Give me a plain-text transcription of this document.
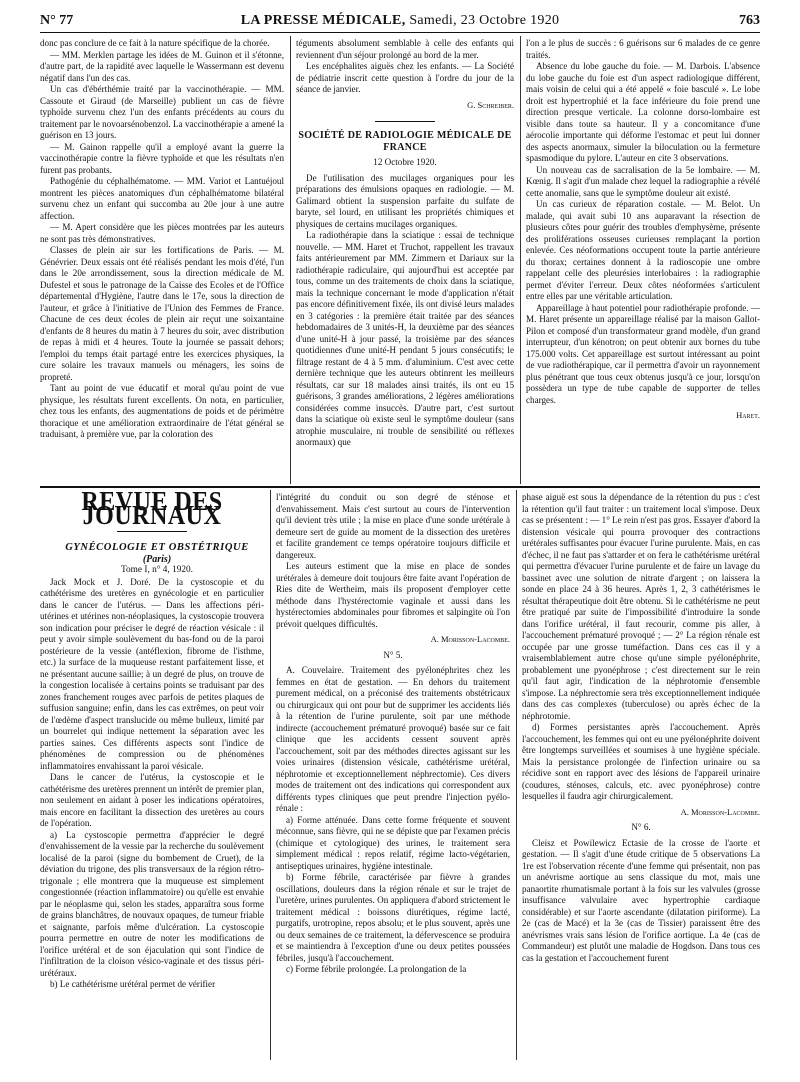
N° 77	LA PRESSE MÉDICALE, Samedi, 23 Octobre 1920	763

donc pas conclure de ce fait à la nature spécifique de la chorée.

— MM. Merklen partage les idées de M. Guinon et il s'étonne, d'autre part, de la rapidité avec laquelle le Wassermann est devenu négatif dans l'un des cas.

Un cas d'ébérthémie traité par la vaccinothérapie. — MM. Cassoute et Giraud (de Marseille) publient un cas de fièvre typhoïde survenu chez l'un des enfants précédents au cours du traitement par le novoarsénobenzol. La vaccinothérapie a amené la guérison en 13 jours.

— M. Gainon rappelle qu'il a employé avant la guerre la vaccinothérapie contre la fièvre typhoïde et que les résultats n'en furent pas probants.

Pathogénie du céphalhématome. — MM. Variot et Lantuéjoul montrent les pièces anatomiques d'un céphalhématome bilatéral survenu chez un enfant qui succomba au 20e jour à une autre affection.

— M. Apert considère que les pièces montrées par les auteurs ne sont pas très démonstratives.

Classes de plein air sur les fortifications de Paris. — M. Génévrier. Deux essais ont été réalisés pendant les mois d'été, l'un dans le 20e arrondissement, sous la direction médicale de M. Dufestel et sous le patronage de la Caisse des Ecoles et de l'Office départemental d'Hygiène, l'autre dans le 17e, sous la direction de l'auteur, et grâce à l'initiative de l'Union des Femmes de France. Chacune de ces deux écoles de plein air reçut une soixantaine d'enfants de 8 heures du matin à 7 heures du soir, avec distribution de repas à midi et 4 heures. Toute la journée se passait dehors; l'emploi du temps était partagé entre les exercices physiques, la cure solaire les travaux manuels ou ménagers, les soins de propreté.

Tant au point de vue éducatif et moral qu'au point de vue physique, les résultats furent excellents. On nota, en particulier, chez tous les enfants, des augmentations de poids et de périmètre thoracique et une amélioration extraordinaire de l'état général se traduisant, à première vue, par la coloration des

téguments absolument semblable à celle des enfants qui reviennent d'un séjour prolongé au bord de la mer.

Les encéphalites aiguës chez les enfants. — La Société de pédiatrie inscrit cette question à l'ordre du jour de la séance de janvier.

G. Schreiber.

SOCIÉTÉ DE RADIOLOGIE MÉDICALE DE FRANCE

12 Octobre 1920.

De l'utilisation des mucilages organiques pour les préparations des émulsions opaques en radiologie. — M. Galimard obtient la suspension parfaite du sulfate de baryte, sel lourd, en utilisant les propriétés chimiques et physiques de certains mucilages organiques.

La radiothérapie dans la sciatique : essai de technique nouvelle. — MM. Haret et Truchot, rappellent les travaux faits antérieurement par MM. Zimmern et Dariaux sur la radiothérapie radiculaire, qui aujourd'hui est acceptée par tous, comme un des traitements de choix dans la sciatique, mais la technique concernant le mode d'application n'était pas encore définitivement fixée, ils ont divisé leurs malades en 3 catégories : la première était traitée par des séances hebdomadaires de 3 unités-H, la deuxième par des séances d'une unité-H à jour passé, la troisième par des séances quotidiennes d'une unité-H pendant 5 jours consécutifs; le filtrage restant de 4 à 5 mm. d'aluminium. C'est avec cette dernière technique que les auteurs obtinrent les meilleurs résultats, car sur 18 malades ainsi traités, ils ont eu 15 guérisons, 3 grandes améliorations, 2 légères améliorations considérées comme insuccès. D'autre part, c'est surtout dans la sciatique où existe seul le symptôme douleur (sans atrophie musculaire, ni trouble de sensibilité ou réflexes anormaux) que

l'on a le plus de succès : 6 guérisons sur 6 malades de ce genre traités.

Absence du lobe gauche du foie. — M. Darbois. L'absence du lobe gauche du foie est d'un aspect radiologique différent, mais voisin de celui qui a été appelé « foie basculé ». Le lobe droit est hypertrophié et la face inférieure du foie prend une direction presque verticale. La colonne dorso-lombaire est visible dans toute sa hauteur. Il y a concomitance d'une aérocolie importante qui déforme l'estomac et peut lui donner des aspects anormaux, simuler la biloculation ou la fermeture spasmodique du pylore. L'auteur en cite 3 observations.

Un nouveau cas de sacralisation de la 5e lombaire. — M. Kœnig. Il s'agit d'un malade chez lequel la radiographie a révélé cette anomalie, sans que le symptôme douleur ait existé.

Un cas curieux de réparation costale. — M. Belot. Un malade, qui avait subi 10 ans auparavant la résection de plusieurs côtes pour guérir des troubles d'emphysème, présente des proliférations osseuses curieuses remplaçant la portion enlevée. Ces néoformations occupent toute la partie antérieure du thorax; certaines donnent à la radioscopie une ombre rappelant celle des pleurésies interlobaires : la radiographie permet d'éviter l'erreur. Deux côtes néoformées s'articulent entre elles par une véritable articulation.

Appareillage à haut potentiel pour radiothérapie profonde. — M. Haret présente un appareillage réalisé par la maison Gallot-Pilon et composé d'un transformateur grand modèle, d'un grand interrupteur, d'un kénotron; on peut obtenir aux bornes du tube 175.000 volts. Cet appareillage est surtout intéressant au point de vue radiothérapique, car il permettra d'avoir un rayonnement plus pénétrant que tous ceux obtenus jusqu'à ce jour, lorsqu'on possèdera un type de tube capable de supporter de telles charges.

Haret.

REVUE DES JOURNAUX

GYNÉCOLOGIE ET OBSTÉTRIQUE

(Paris)

Tome I, n° 4, 1920.

Jack Mock et J. Doré. De la cystoscopie et du cathétérisme des uretères en gynécologie et en particulier dans le cancer de l'utérus. — Dans les affections péri-utérines et utérines non-néoplasiques, la cystoscopie trouvera son indication pour préciser le degré de réaction vésicale : il peut y avoir simple soulèvement du bas-fond ou de la paroi postérieure de la vessie (antéflexion, fibrome de l'isthme, etc.) la surface de la muqueuse restant parfaitement lisse, et ne présentant aucune saillie; à un degré de plus, on trouve de la congestion localisée à certains points se traduisant par des zones franchement rouges avec parfois de petites plaques de suffusion sanguine; enfin, dans les cas extrêmes, on peut voir de l'œdème d'aspect translucide ou même bulleux, limité par un bourrelet qui indique nettement la séparation avec les parties saines. Ces différents aspects sont l'indice de phénomènes de compression ou de phénomènes inflammatoires envahissant la paroi vésicale.

Dans le cancer de l'utérus, la cystoscopie et le cathétérisme des uretères prennent un intérêt de premier plan, non seulement en aidant à poser les indications opératoires, mais encore en facilitant la dissection des uretères au cours de l'opération.

a) La cystoscopie permettra d'apprécier le degré d'envahissement de la vessie par la recherche du soulèvement localisé de la paroi (signe du bombement de Cruet), de la déviation du trigone, des plis transversaux de la région rétro-trigonale ; elle montrera que la muqueuse est simplement congestionnée (réaction inflammatoire) ou qu'elle est envahie par le néoplasme qui, selon les stades, apparaîtra sous forme de grains blanchâtres, de nouvaux opaques, de tumeur friable et saignante, parfois même d'ulcération. La cystoscopie pourra permettre en outre de noter les modifications de l'orifice urétéral et de son éjaculation qui sont l'indice de l'infiltration de la cloison vésico-vaginale et des tissus péri-urétéraux.

b) Le cathétérisme urétéral permet de vérifier

l'intégrité du conduit ou son degré de sténose et d'envahissement. Mais c'est surtout au cours de l'intervention qu'il devient très utile ; la mise en place d'une sonde urétérale à demeure sert de guide au moment de la dissection des uretères et facilite grandement ce temps opératoire toujours difficile et dangereux.

Les auteurs estiment que la mise en place de sondes urétérales à demeure doit toujours être faite avant l'opération de Ries dite de Wertheim, mais ils proposent d'employer cette méthode dans l'hystérectomie vaginale et aussi dans les hystérectomies abdominales pour fibromes et salpingite où l'on prévoit quelques difficultés.

A. Morisson-Lacombe.

N° 5.

A. Couvelaire. Traitement des pyélonéphrites chez les femmes en état de gestation. — En dehors du traitement purement médical, on a préconisé des traitements obstétricaux ou chirurgicaux qui ont pour but de supprimer les accidents liés à la rétention de l'urine purulente, soit par une méthode indirecte (accouchement prématuré provoqué) basée sur ce fait clinique que les accidents cessent souvent après l'accouchement, soit par des méthodes directes agissant sur les voies urinaires (distension vésicale, cathétérisme urétéral, néphrotomie et exceptionnellement néphrectomie). Ces divers modes de traitement ont des indications qui correspondent aux différents types cliniques que peut prendre l'injection pyélo-rénale :

a) Forme atténuée. Dans cette forme fréquente et souvent méconnue, sans fièvre, qui ne se dépiste que par l'examen précis (chimique et cytologique) des urines, le traitement sera simplement médical : repos relatif, régime lacto-végétarien, antiseptiques urinaires, hygiène intestinale.

b) Forme fébrile, caractérisée par fièvre à grandes oscillations, douleurs dans la région rénale et sur le trajet de l'uretère, urines purulentes. On appliquera d'abord strictement le traitement médical : boissons diurétiques, régime lacté, purgatifs, urotropine, repos absolu; et le plus souvent, après une ou deux semaines de ce traitement, la défervescence se produira et se maintiendra à l'exception d'une ou deux petites poussées fébriles, jusqu'à l'accouchement.

c) Forme fébrile prolongée. La prolongation de la

phase aiguë est sous la dépendance de la rétention du pus : c'est la rétention qu'il faut traiter : un traitement local s'impose. Deux cas se présentent : — 1° Le rein n'est pas gros. Essayer d'abord la distension vésicale qui pourra provoquer des contractions urétérales suffisantes pour évacuer l'urine purulente. Mais, en cas d'échec, il ne faut pas s'attarder et on fera le cathétérisme urétéral qui permettra d'évacuer l'urine purulente et de faire un lavage du bassinet avec une solution de nitrate d'argent ; on laissera la sonde en place 24 à 36 heures. Après 1, 2, 3 cathétérismes le résultat thérapeutique doit être obtenu. Si le cathétérisme ne peut être pratiqué par suite de l'impossibilité d'introduire la sonde dans l'orifice urétéral, il faut recourir, comme pis aller, à l'accouchement prématuré provoqué ; — 2° La région rénale est occupée par une grosse tuméfaction. Dans ces cas il y a vraisemblablement autre chose qu'une simple pyélonéphrite, probablement une pyonéphrose ; c'est directement sur le rein qu'il faut agir, l'indication de la néphrotomie d'ensemble s'impose. La néphrectomie sera très exceptionnellement indiquée dans des cas complexes (tuberculose) ou après échec de la néphrotomie.

d) Formes persistantes après l'accouchement. Après l'accouchement, les femmes qui ont eu une pyélonéphrite doivent être longtemps surveillées et soumises à une hygiène spéciale. Mais la persistance prolongée de l'infection urinaire ou sa récidive sont en rapport avec des lésions de l'appareil urinaire (coudures, sténoses, calculs, etc. avec pyonéphrose) contre lesquelles il faudra agir chirurgicalement.

A. Morisson-Lacombe.

N° 6.

Cleisz et Powilewicz Ectasie de la crosse de l'aorte et gestation. — Il s'agit d'une étude critique de 5 observations La 1re est l'observation récente d'une femme qui présentait, non pas un anévrisme aortique au sens classique du mot, mais une panaortite rhumatismale portant à la fois sur les valvules (grosse insuffisance valvulaire avec hypertrophie cardiaque considérable) et sur l'aorte ascendante (dilatation piriforme). La 2e (cas de Macé) et la 3e (cas de Tissier) paraissent être des anévrismes vrais sans lésion de l'orifice aortique. La 4e (cas de Commandeur) est plutôt une maladie de Hogdson. Dans tous ces cas la gestation et l'accouchement furent
